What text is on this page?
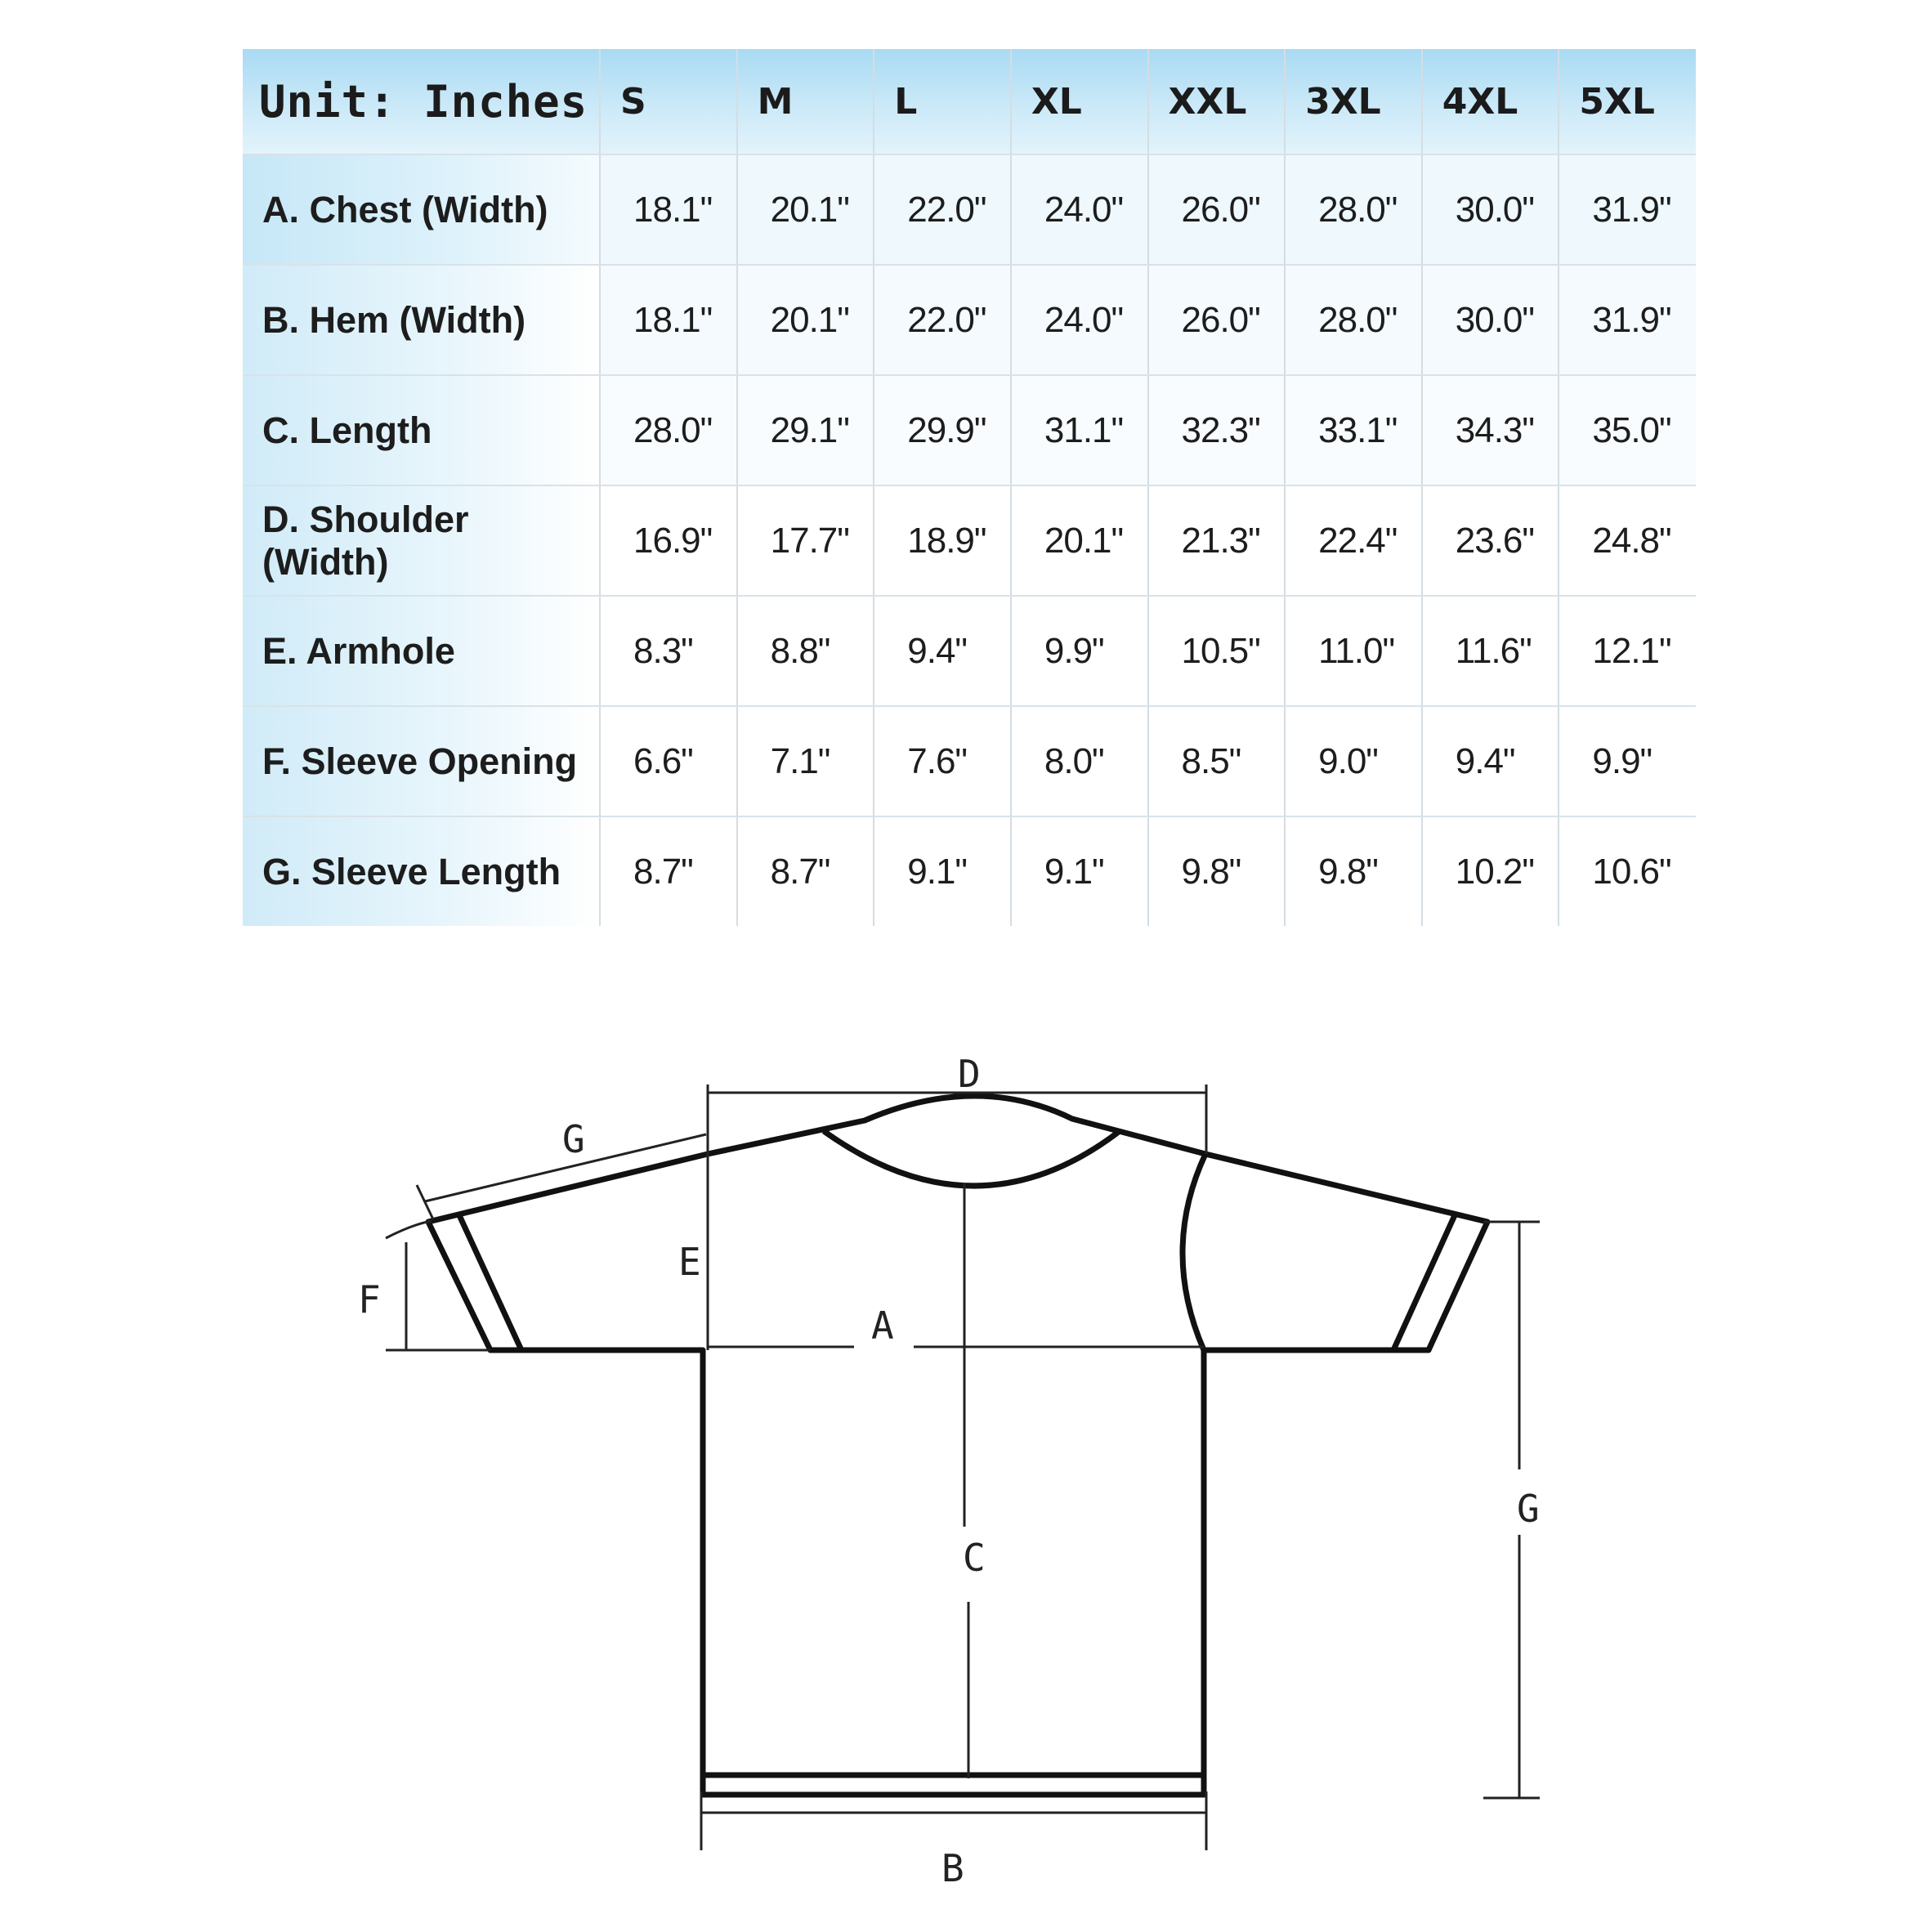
Unit: Inches	S	M	L	XL	XXL	3XL	4XL	5XL
A. Chest (Width)	18.1"	20.1"	22.0"	24.0"	26.0"	28.0"	30.0"	31.9"
B. Hem (Width)	18.1"	20.1"	22.0"	24.0"	26.0"	28.0"	30.0"	31.9"
C. Length	28.0"	29.1"	29.9"	31.1"	32.3"	33.1"	34.3"	35.0"
D. Shoulder (Width)	16.9"	17.7"	18.9"	20.1"	21.3"	22.4"	23.6"	24.8"
E. Armhole	8.3"	8.8"	9.4"	9.9"	10.5"	11.0"	11.6"	12.1"
F. Sleeve Opening	6.6"	7.1"	7.6"	8.0"	8.5"	9.0"	9.4"	9.9"
G. Sleeve Length	8.7"	8.7"	9.1"	9.1"	9.8"	9.8"	10.2"	10.6"
D
G
E
A
C
F
G
B
